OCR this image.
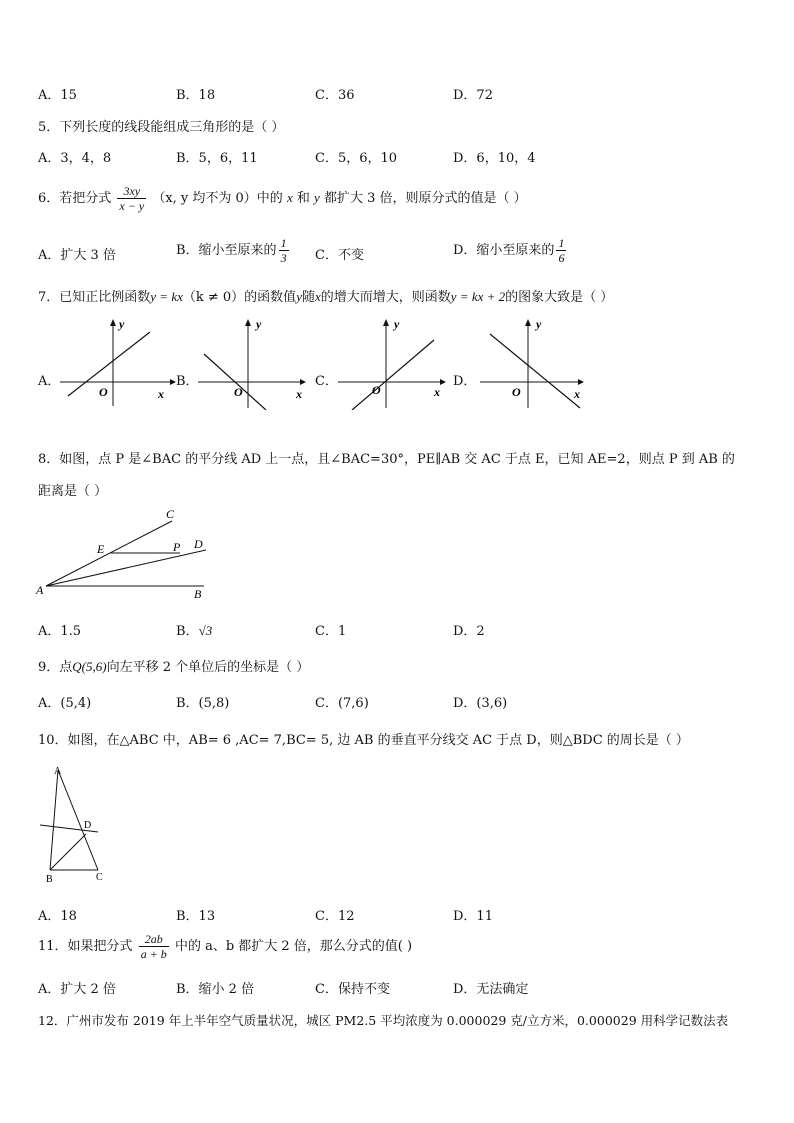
A．15	B．18	C．36	D．72
5．下列长度的线段能组成三角形的是（ ）
A．3，4，8	B．5，6，11	C．5，6，10	D．6，10，4
6．若把分式 $\frac{3xy}{x - y} (x$, y 均不为 0）中的 x 和 y 都扩大 3 倍，则原分式的值是（ ）
A．扩大 3 倍	B．缩小至原来的 $\frac{1}{3}$ C．不变	D．缩小至原来的 $\frac{1}{6}$
7．已知正比例函数y = kx（k ≠ 0）的函数值y随x的增大而增大，则函数y = kx + 2的图象大致是（ ）
A．
y
x
O
B．
y
x
O
C．
y
x
O
D．
y
x
O
8．如图，点 P 是∠BAC 的平分线 AD 上一点，且∠BAC=30°，PE∥AB 交 AC 于点 E，已知 AE=2，则点 P 到 AB 的
距离是（ ）
A	B
C
D
E	P
A．1.5	B．√3	C．1	D．2
9．点Q(5,6)向左平移 2 个单位后的坐标是（ ）
A．(5,4)	B．(5,8)	C．(7,6)	D．(3,6)
10．如图，在△ABC 中，AB= 6 ,AC= 7,BC= 5, 边 AB 的垂直平分线交 AC 于点 D，则△BDC 的周长是（ ）
A
B	C
D
A．18	B．13	C．12	D．11
11．如果把分式 $\frac{2ab}{a + b}$ 中的 a、b 都扩大 2 倍，那么分式的值( )
A．扩大 2 倍	B．缩小 2 倍	C．保持不变	D．无法确定
12．广州市发布 2019 年上半年空气质量状况，城区 PM2.5 平均浓度为 0.000029 克/立方米，0.000029 用科学记数法表
